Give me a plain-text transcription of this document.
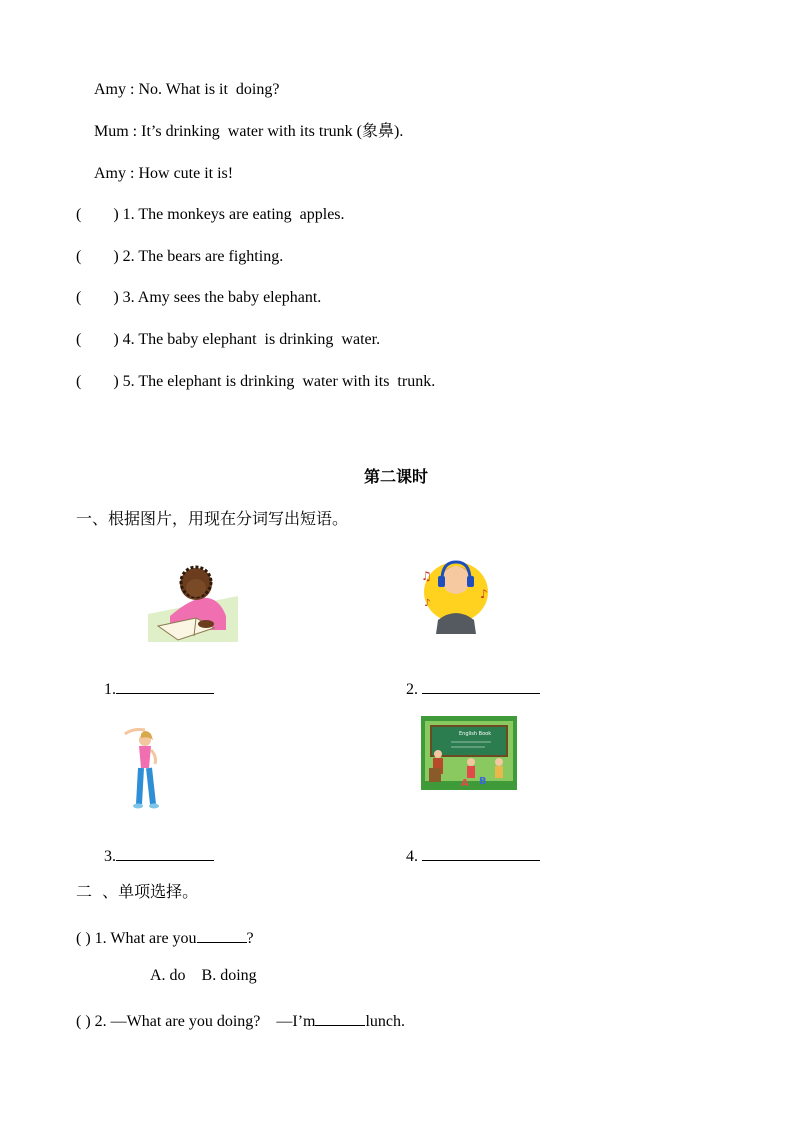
Amy : No. What is it  doing?
Mum : It’s drinking  water with its trunk (象鼻).
Amy : How cute it is!
(        ) 1. The monkeys are eating  apples.
(        ) 2. The bears are fighting.
(        ) 3. Amy sees the baby elephant.
(        ) 4. The baby elephant  is drinking  water.
(        ) 5. The elephant is drinking  water with its  trunk.
第二课时
一、根据图片，用现在分词写出短语。
♫
♪
♪
1.	2.
English Book
A B
3.	4.
二  、单项选择。
( ) 1. What are you	?
A. do    B. doing
( ) 2. —What are you doing?    —I’m	lunch.
